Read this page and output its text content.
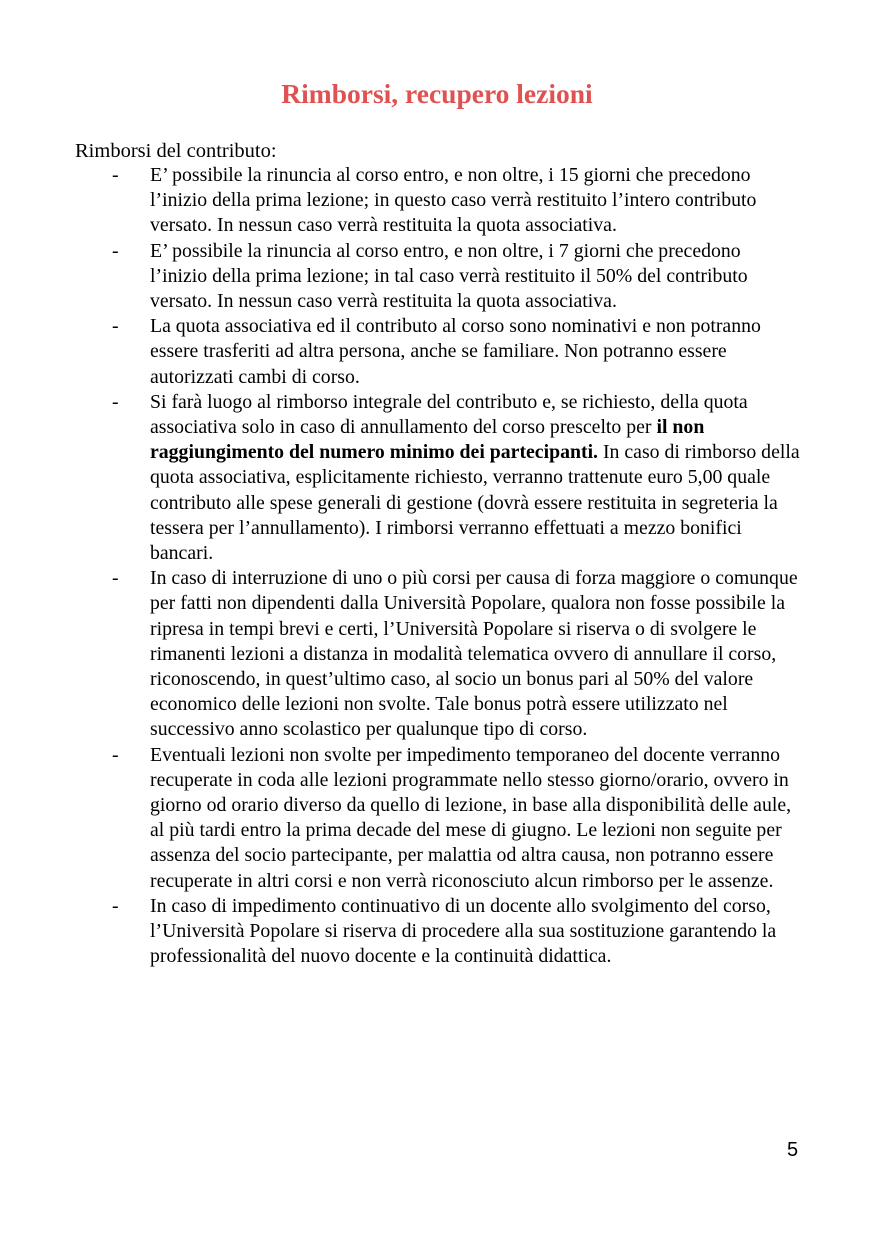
Rimborsi, recupero lezioni

Rimborsi del contributo:

- E’ possibile la rinuncia al corso entro, e non oltre, i 15 giorni che precedono l’inizio della prima lezione; in questo caso verrà restituito l’intero contributo versato. In nessun caso verrà restituita la quota associativa.
- E’ possibile la rinuncia al corso entro, e non oltre, i 7 giorni che precedono l’inizio della prima lezione; in tal caso verrà restituito il 50% del contributo versato. In nessun caso verrà restituita la quota associativa.
- La quota associativa ed il contributo al corso sono nominativi e non potranno essere trasferiti ad altra persona, anche se familiare. Non potranno essere autorizzati cambi di corso.
- Si farà luogo al rimborso integrale del contributo e, se richiesto, della quota associativa solo in caso di annullamento del corso prescelto per il non raggiungimento del numero minimo dei partecipanti. In caso di rimborso della quota associativa, esplicitamente richiesto, verranno trattenute euro 5,00 quale contributo alle spese generali di gestione (dovrà essere restituita in segreteria la tessera per l’annullamento). I rimborsi verranno effettuati a mezzo bonifici bancari.
- In caso di interruzione di uno o più corsi per causa di forza maggiore o comunque per fatti non dipendenti dalla Università Popolare, qualora non fosse possibile la ripresa in tempi brevi e certi, l’Università Popolare si riserva o di svolgere le rimanenti lezioni a distanza in modalità telematica ovvero di annullare il corso, riconoscendo, in quest’ultimo caso, al socio un bonus pari al 50% del valore economico delle lezioni non svolte. Tale bonus potrà essere utilizzato nel successivo anno scolastico per qualunque tipo di corso.
- Eventuali lezioni non svolte per impedimento temporaneo del docente verranno recuperate in coda alle lezioni programmate nello stesso giorno/orario, ovvero in giorno od orario diverso da quello di lezione, in base alla disponibilità delle aule, al più tardi entro la prima decade del mese di giugno. Le lezioni non seguite per assenza del socio partecipante, per malattia od altra causa, non potranno essere recuperate in altri corsi e non verrà riconosciuto alcun rimborso per le assenze.
- In caso di impedimento continuativo di un docente allo svolgimento del corso, l’Università Popolare si riserva di procedere alla sua sostituzione garantendo la professionalità del nuovo docente e la continuità didattica.
5
